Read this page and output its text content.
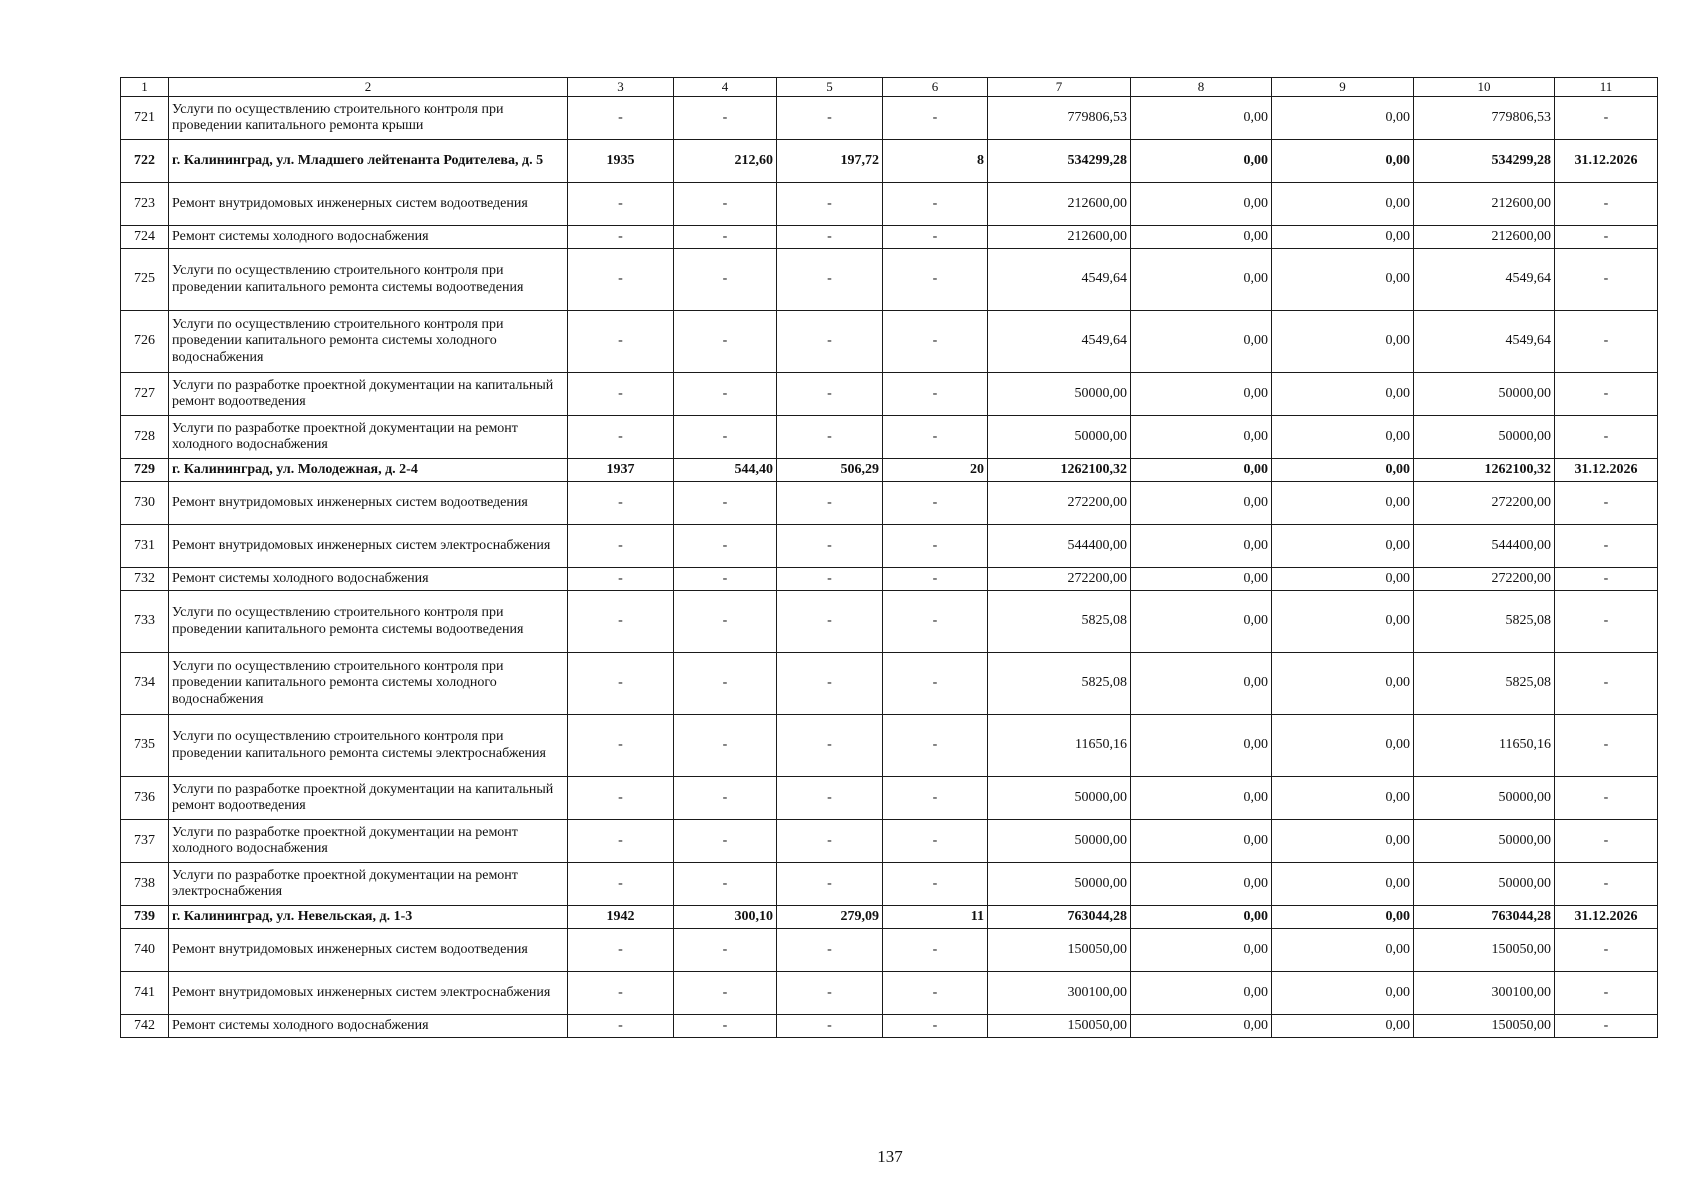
1	2	3	4	5	6	7	8	9	10	11
721	Услуги по осуществлению строительного контроля при проведении капитального ремонта крыши	-	-	-	-	779806,53	0,00	0,00	779806,53	-
722	г. Калининград, ул. Младшего лейтенанта Родителева, д. 5	1935	212,60	197,72	8	534299,28	0,00	0,00	534299,28	31.12.2026
723	Ремонт внутридомовых инженерных систем водоотведения	-	-	-	-	212600,00	0,00	0,00	212600,00	-
724	Ремонт системы холодного водоснабжения	-	-	-	-	212600,00	0,00	0,00	212600,00	-
725	Услуги по осуществлению строительного контроля при проведении капитального ремонта системы водоотведения	-	-	-	-	4549,64	0,00	0,00	4549,64	-
726	Услуги по осуществлению строительного контроля при проведении капитального ремонта системы холодного водоснабжения	-	-	-	-	4549,64	0,00	0,00	4549,64	-
727	Услуги по разработке проектной документации на капитальный ремонт водоотведения	-	-	-	-	50000,00	0,00	0,00	50000,00	-
728	Услуги по разработке проектной документации на ремонт холодного водоснабжения	-	-	-	-	50000,00	0,00	0,00	50000,00	-
729	г. Калининград, ул. Молодежная, д. 2-4	1937	544,40	506,29	20	1262100,32	0,00	0,00	1262100,32	31.12.2026
730	Ремонт внутридомовых инженерных систем водоотведения	-	-	-	-	272200,00	0,00	0,00	272200,00	-
731	Ремонт внутридомовых инженерных систем электроснабжения	-	-	-	-	544400,00	0,00	0,00	544400,00	-
732	Ремонт системы холодного водоснабжения	-	-	-	-	272200,00	0,00	0,00	272200,00	-
733	Услуги по осуществлению строительного контроля при проведении капитального ремонта системы водоотведения	-	-	-	-	5825,08	0,00	0,00	5825,08	-
734	Услуги по осуществлению строительного контроля при проведении капитального ремонта системы холодного водоснабжения	-	-	-	-	5825,08	0,00	0,00	5825,08	-
735	Услуги по осуществлению строительного контроля при проведении капитального ремонта системы электроснабжения	-	-	-	-	11650,16	0,00	0,00	11650,16	-
736	Услуги по разработке проектной документации на капитальный ремонт водоотведения	-	-	-	-	50000,00	0,00	0,00	50000,00	-
737	Услуги по разработке проектной документации на ремонт холодного водоснабжения	-	-	-	-	50000,00	0,00	0,00	50000,00	-
738	Услуги по разработке проектной документации на ремонт электроснабжения	-	-	-	-	50000,00	0,00	0,00	50000,00	-
739	г. Калининград, ул. Невельская, д. 1-3	1942	300,10	279,09	11	763044,28	0,00	0,00	763044,28	31.12.2026
740	Ремонт внутридомовых инженерных систем водоотведения	-	-	-	-	150050,00	0,00	0,00	150050,00	-
741	Ремонт внутридомовых инженерных систем электроснабжения	-	-	-	-	300100,00	0,00	0,00	300100,00	-
742	Ремонт системы холодного водоснабжения	-	-	-	-	150050,00	0,00	0,00	150050,00	-
137
